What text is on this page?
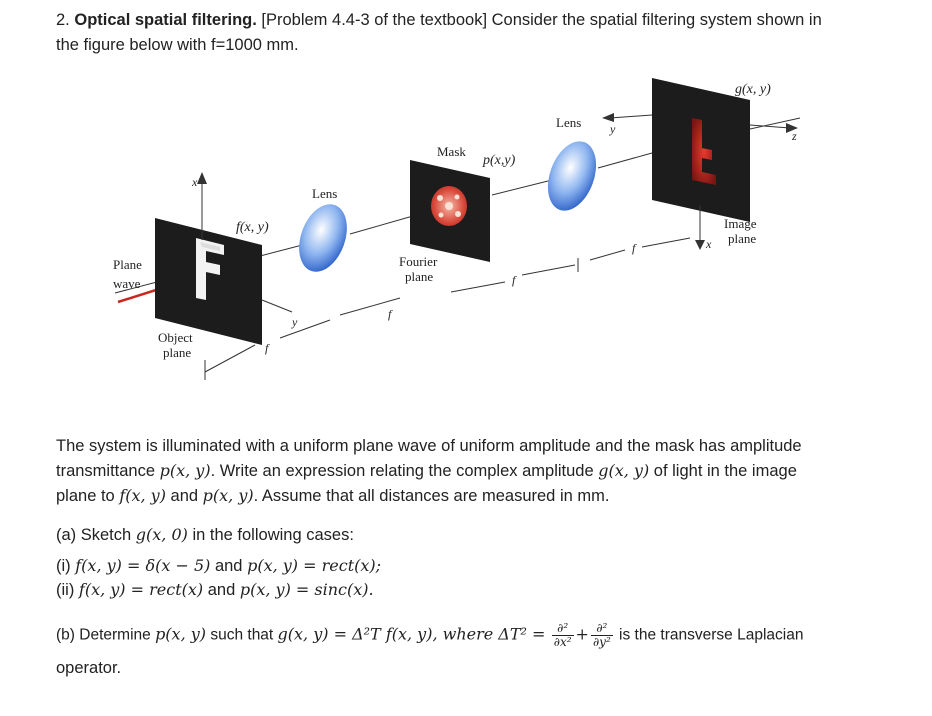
2. Optical spatial filtering. [Problem 4.4-3 of the textbook] Consider the spatial filtering system shown in
the figure below with f=1000 mm.
Plane
wave
Object
plane
f(x, y)
x
y
Lens
Mask
p(x,y)
Fourier
plane
Lens y
g(x, y)
z
Image
plane
x
f
f
f
f
The system is illuminated with a uniform plane wave of uniform amplitude and the mask has amplitude
transmittance p(x, y). Write an expression relating the complex amplitude g(x, y) of light in the image
plane to f(x, y) and p(x, y). Assume that all distances are measured in mm.
(a) Sketch g(x, 0) in the following cases:
(i) f(x, y) = δ(x − 5) and p(x, y) = rect(x);
(ii) f(x, y) = rect(x) and p(x, y) = sinc(x).
(b) Determine p(x, y) such that g(x, y) = Δ²T f(x, y), where $\Delta T^2 = \frac{\text{∂²}}{\text{∂x²}} + \frac{\text{∂²}}{\text{∂y²}}$ is the transverse Laplacian
operator.
